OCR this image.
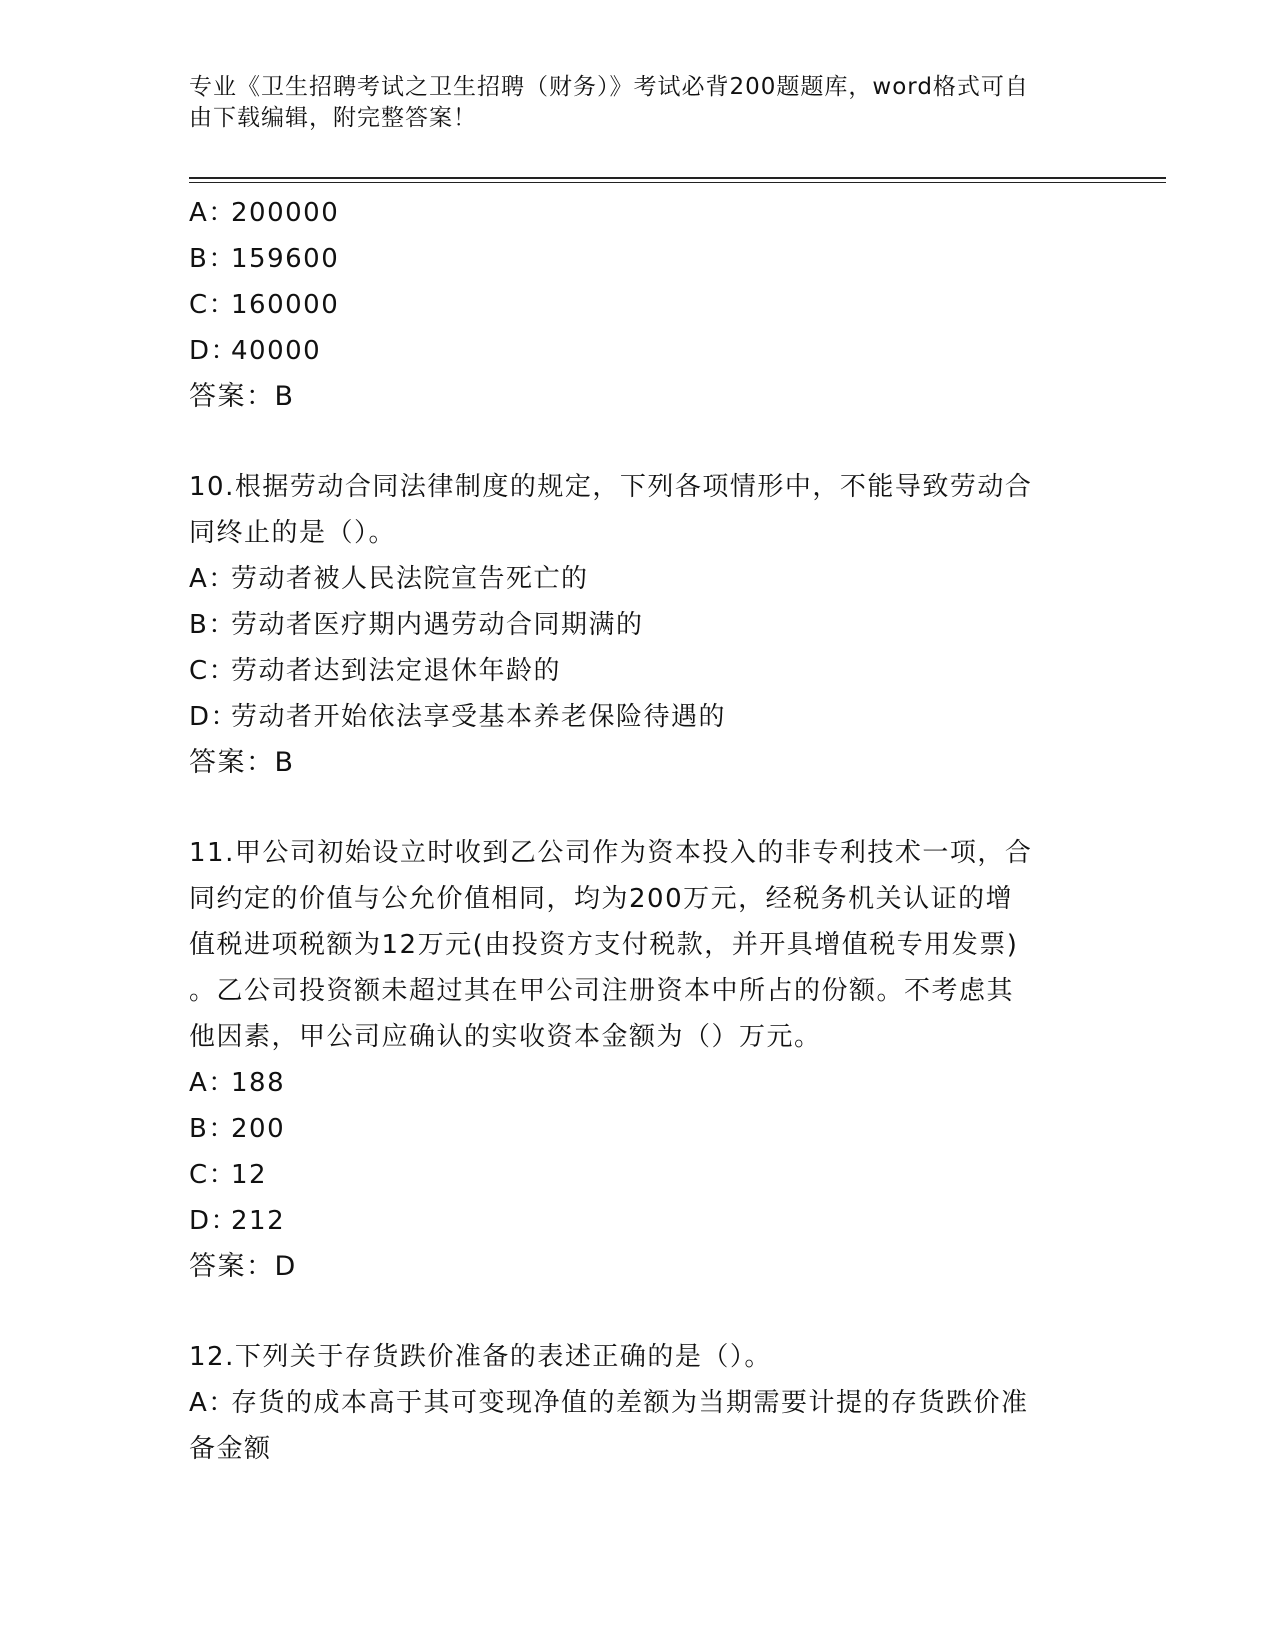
专业《卫生招聘考试之卫生招聘（财务）》考试必背200题题库，word格式可自
由下载编辑，附完整答案！
A：200000
B：159600
C：160000
D：40000
答案：B
10.根据劳动合同法律制度的规定，下列各项情形中，不能导致劳动合
同终止的是（）。
A：劳动者被人民法院宣告死亡的
B：劳动者医疗期内遇劳动合同期满的
C：劳动者达到法定退休年龄的
D：劳动者开始依法享受基本养老保险待遇的
答案：B
11.甲公司初始设立时收到乙公司作为资本投入的非专利技术一项，合
同约定的价值与公允价值相同，均为200万元，经税务机关认证的增
值税进项税额为12万元(由投资方支付税款，并开具增值税专用发票)
。乙公司投资额未超过其在甲公司注册资本中所占的份额。不考虑其
他因素，甲公司应确认的实收资本金额为（）万元。
A：188
B：200
C：12
D：212
答案：D
12.下列关于存货跌价准备的表述正确的是（）。
A：存货的成本高于其可变现净值的差额为当期需要计提的存货跌价准
备金额
